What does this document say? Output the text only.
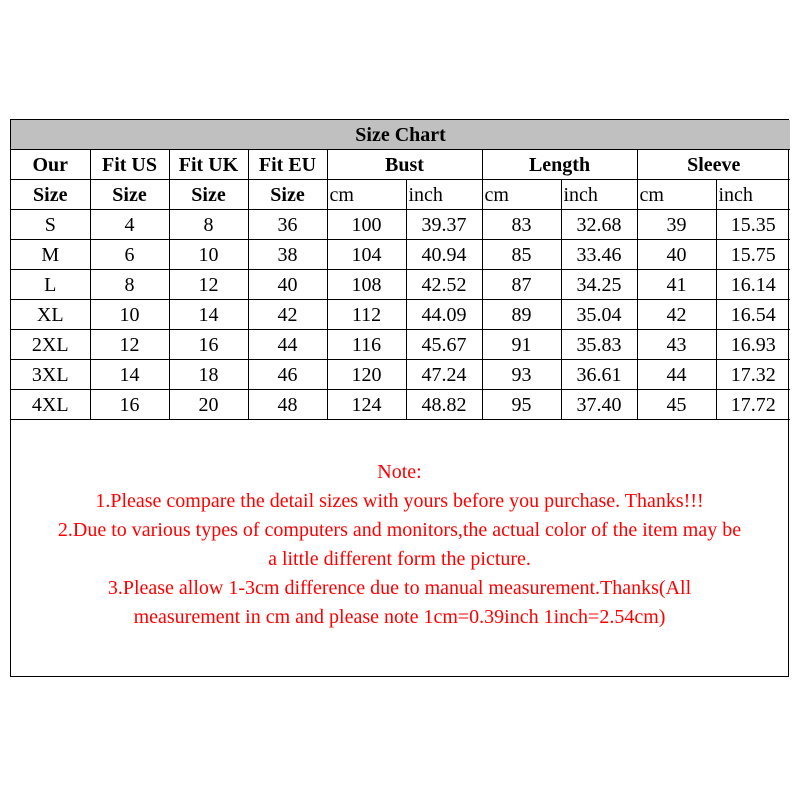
Size Chart									
Our	Fit US	Fit UK	Fit EU	Bust		Length		Sleeve	
Size	Size	Size	Size	cm	inch	cm	inch	cm	inch
S	4	8	36	100	39.37	83	32.68	39	15.35
M	6	10	38	104	40.94	85	33.46	40	15.75
L	8	12	40	108	42.52	87	34.25	41	16.14
XL	10	14	42	112	44.09	89	35.04	42	16.54
2XL	12	16	44	116	45.67	91	35.83	43	16.93
3XL	14	18	46	120	47.24	93	36.61	44	17.32
4XL	16	20	48	124	48.82	95	37.40	45	17.72

Note:

1.Please compare the detail sizes with yours before you purchase. Thanks!!!

2.Due to various types of computers and monitors,the actual color of the item may be

a little different form the picture.

3.Please allow 1-3cm difference due to manual measurement.Thanks(All

measurement in cm and please note 1cm=0.39inch 1inch=2.54cm)
